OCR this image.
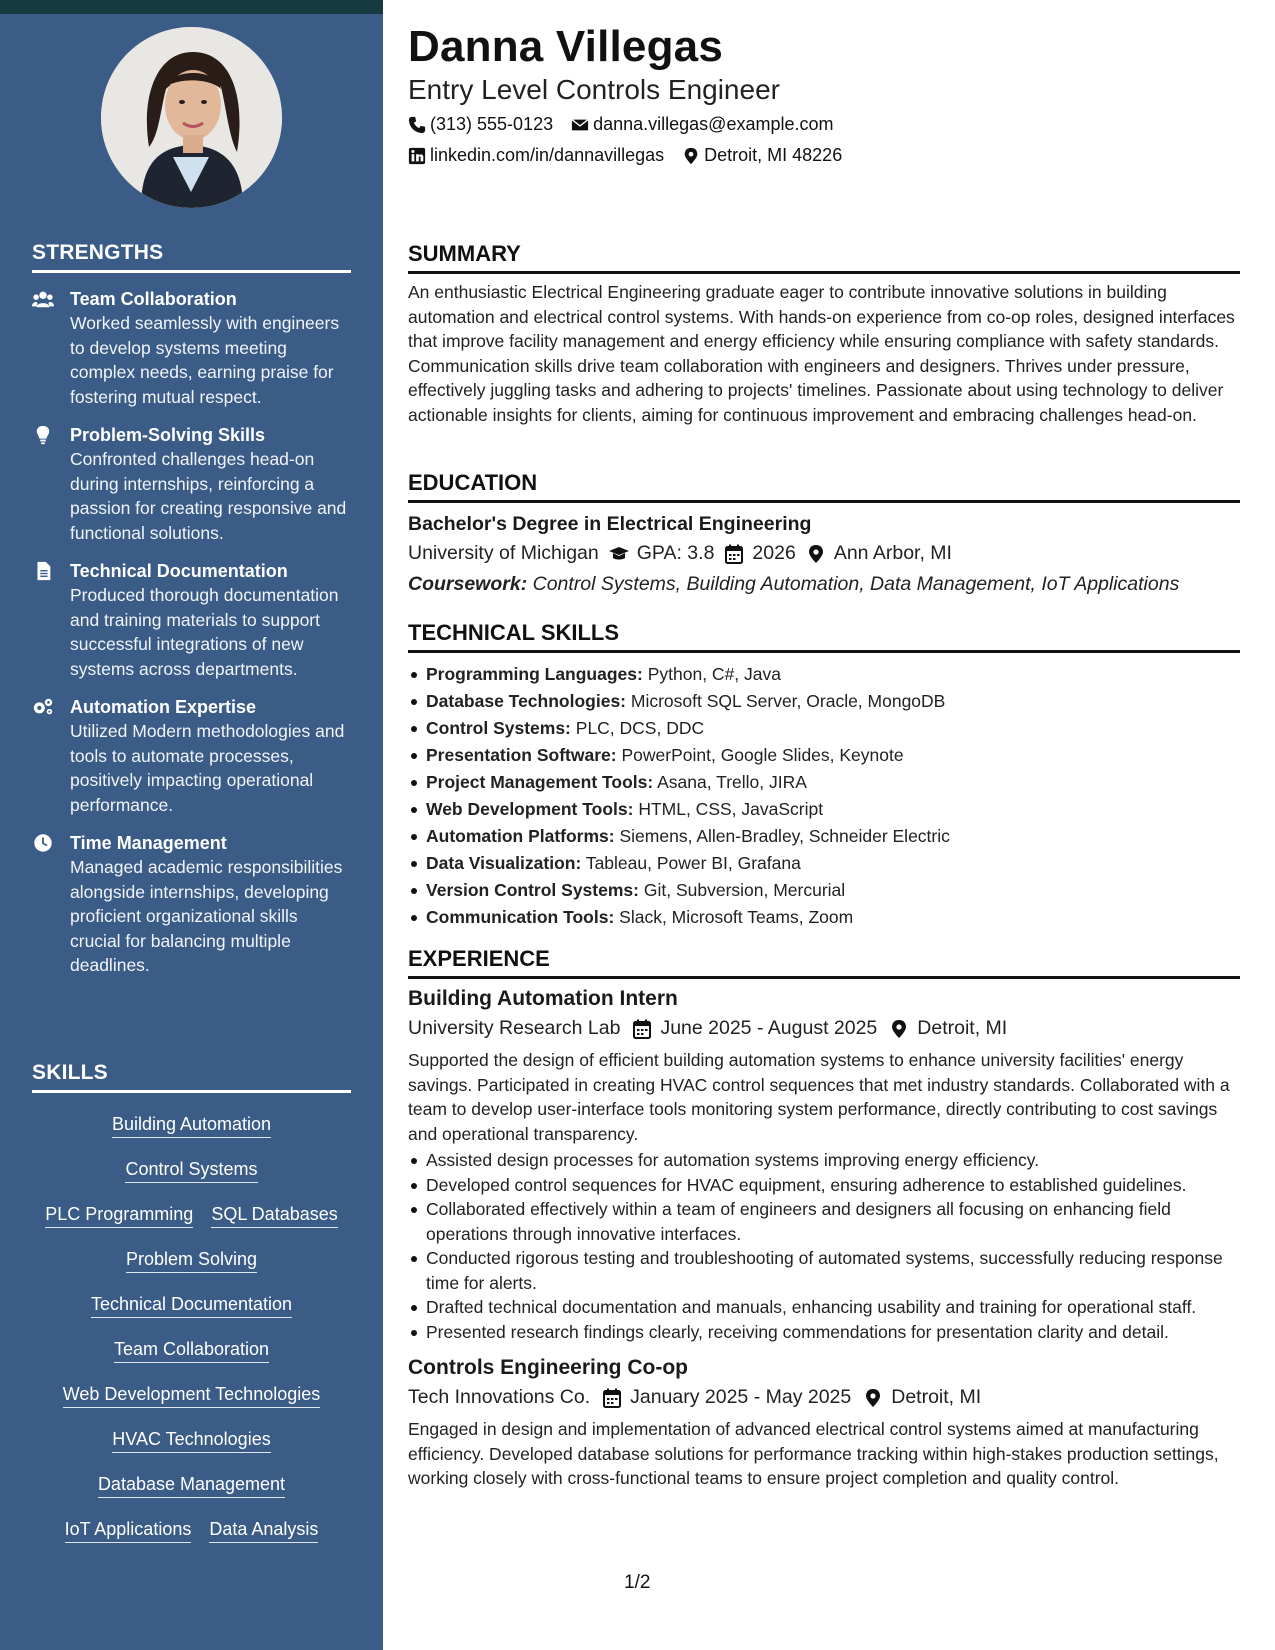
STRENGTHS
Team Collaboration
Worked seamlessly with engineers to develop systems meeting complex needs, earning praise for fostering mutual respect.
Problem-Solving Skills
Confronted challenges head-on during internships, reinforcing a passion for creating responsive and functional solutions.
Technical Documentation
Produced thorough documentation and training materials to support successful integrations of new systems across departments.
Automation Expertise
Utilized Modern methodologies and tools to automate processes, positively impacting operational performance.
Time Management
Managed academic responsibilities alongside internships, developing proficient organizational skills crucial for balancing multiple deadlines.
SKILLS
Building Automation
Control Systems
PLC Programming SQL Databases
Problem Solving
Technical Documentation
Team Collaboration
Web Development Technologies
HVAC Technologies
Database Management
IoT Applications Data Analysis
Danna Villegas
Entry Level Controls Engineer
(313) 555-0123 danna.villegas@example.com
linkedin.com/in/dannavillegas Detroit, MI 48226
SUMMARY
An enthusiastic Electrical Engineering graduate eager to contribute innovative solutions in building automation and electrical control systems. With hands-on experience from co-op roles, designed interfaces that improve facility management and energy efficiency while ensuring compliance with safety standards. Communication skills drive team collaboration with engineers and designers. Thrives under pressure, effectively juggling tasks and adhering to projects' timelines. Passionate about using technology to deliver actionable insights for clients, aiming for continuous improvement and embracing challenges head-on.
EDUCATION
Bachelor's Degree in Electrical Engineering
University of Michigan GPA: 3.8 2026 Ann Arbor, MI
Coursework: Control Systems, Building Automation, Data Management, IoT Applications
TECHNICAL SKILLS
Programming Languages: Python, C#, Java
Database Technologies: Microsoft SQL Server, Oracle, MongoDB
Control Systems: PLC, DCS, DDC
Presentation Software: PowerPoint, Google Slides, Keynote
Project Management Tools: Asana, Trello, JIRA
Web Development Tools: HTML, CSS, JavaScript
Automation Platforms: Siemens, Allen-Bradley, Schneider Electric
Data Visualization: Tableau, Power BI, Grafana
Version Control Systems: Git, Subversion, Mercurial
Communication Tools: Slack, Microsoft Teams, Zoom
EXPERIENCE
Building Automation Intern
University Research Lab June 2025 - August 2025 Detroit, MI
Supported the design of efficient building automation systems to enhance university facilities' energy savings. Participated in creating HVAC control sequences that met industry standards. Collaborated with a team to develop user-interface tools monitoring system performance, directly contributing to cost savings and operational transparency.
Assisted design processes for automation systems improving energy efficiency.
Developed control sequences for HVAC equipment, ensuring adherence to established guidelines.
Collaborated effectively within a team of engineers and designers all focusing on enhancing field operations through innovative interfaces.
Conducted rigorous testing and troubleshooting of automated systems, successfully reducing response time for alerts.
Drafted technical documentation and manuals, enhancing usability and training for operational staff.
Presented research findings clearly, receiving commendations for presentation clarity and detail.
Controls Engineering Co-op
Tech Innovations Co. January 2025 - May 2025 Detroit, MI
Engaged in design and implementation of advanced electrical control systems aimed at manufacturing efficiency. Developed database solutions for performance tracking within high-stakes production settings, working closely with cross-functional teams to ensure project completion and quality control.
1/2
